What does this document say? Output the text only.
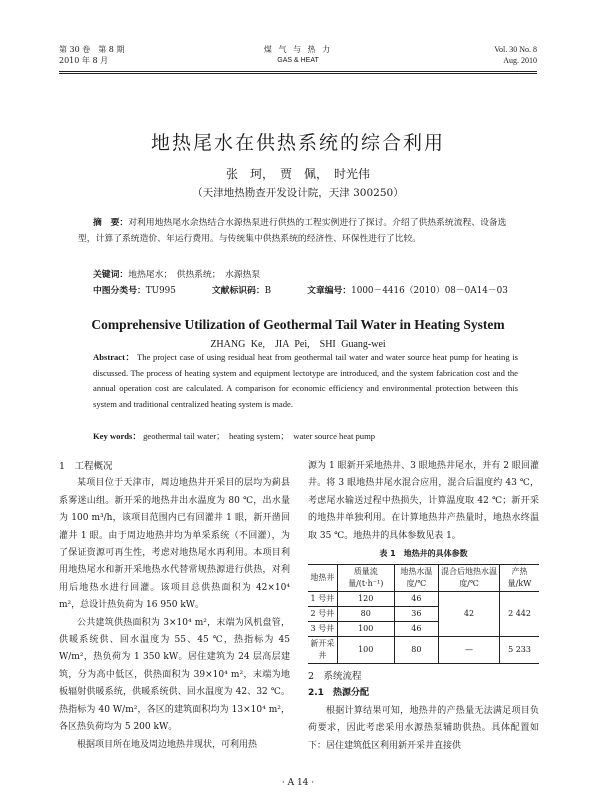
第 30 卷　第 8 期
2010 年 8 月
煤 气 与 热 力
GAS & HEAT
Vol. 30 No. 8
Aug. 2010
地热尾水在供热系统的综合利用
张　珂，　贾　佩，　时光伟
（天津地热勘查开发设计院，天津 300250）
摘　要：对利用地热尾水余热结合水源热泵进行供热的工程实例进行了探讨。介绍了供热系统流程、设备选型，计算了系统造价、年运行费用。与传统集中供热系统的经济性、环保性进行了比较。
关键词：地热尾水；　供热系统；　水源热泵
中图分类号：TU995	文献标识码：B	文章编号：1000－4416（2010）08－0A14－03
Comprehensive Utilization of Geothermal Tail Water in Heating System
ZHANG Ke,　JIA Pei,　SHI Guang-wei
Abstract： The project case of using residual heat from geothermal tail water and water source heat pump for heating is discussed. The process of heating system and equipment lectotype are introduced, and the system fabrication cost and the annual operation cost are calculated. A comparison for economic efficiency and environmental protection between this system and traditional centralized heating system is made.
Key words： geothermal tail water；　heating system；　water source heat pump
1　工程概况
某项目位于天津市，周边地热井开采目的层均为蓟县系雾迷山组。新开采的地热井出水温度为 80 ℃，出水量为 100 m³/h，该项目范围内已有回灌井 1 眼，新开凿回灌井 1 眼。由于周边地热井均为单采系统（不回灌），为了保证资源可再生性，考虑对地热尾水再利用。本项目利用地热尾水和新开采地热水代替常规热源进行供热，对利用后地热水进行回灌。该项目总供热面积为 42×10⁴ m²，总设计热负荷为 16 950 kW。
公共建筑供热面积为 3×10⁴ m²，末端为风机盘管，供暖系统供、回水温度为 55、45 ℃，热指标为 45 W/m²，热负荷为 1 350 kW。居住建筑为 24 层高层建筑，分为高中低区，供热面积为 39×10⁴ m²，末端为地板辐射供暖系统，供暖系统供、回水温度为 42、32 ℃。热指标为 40 W/m²，各区的建筑面积均为 13×10⁴ m²，各区热负荷均为 5 200 kW。
根据项目所在地及周边地热井现状，可利用热
源为 1 眼新开采地热井、3 眼地热井尾水，并有 2 眼回灌井。将 3 眼地热井尾水混合应用，混合后温度约 43 ℃，考虑尾水输送过程中热损失，计算温度取 42 ℃；新开采的地热井单独利用。在计算地热井产热量时，地热水终温取 35 ℃。地热井的具体参数见表 1。
表 1　地热井的具体参数
地热井	质量流量/(t·h⁻¹)	地热水温度/℃	混合后地热水温度/℃	产热量/kW
1 号井	120	46	42	2 442
2 号井	80	36		
3 号井	100	46		
新开采井	100	80	—	5 233
2　系统流程
2.1　热源分配
根据计算结果可知，地热井的产热量无法满足项目负荷要求，因此考虑采用水源热泵辅助供热。具体配置如下：居住建筑低区利用新开采井直接供
· A 14 ·
